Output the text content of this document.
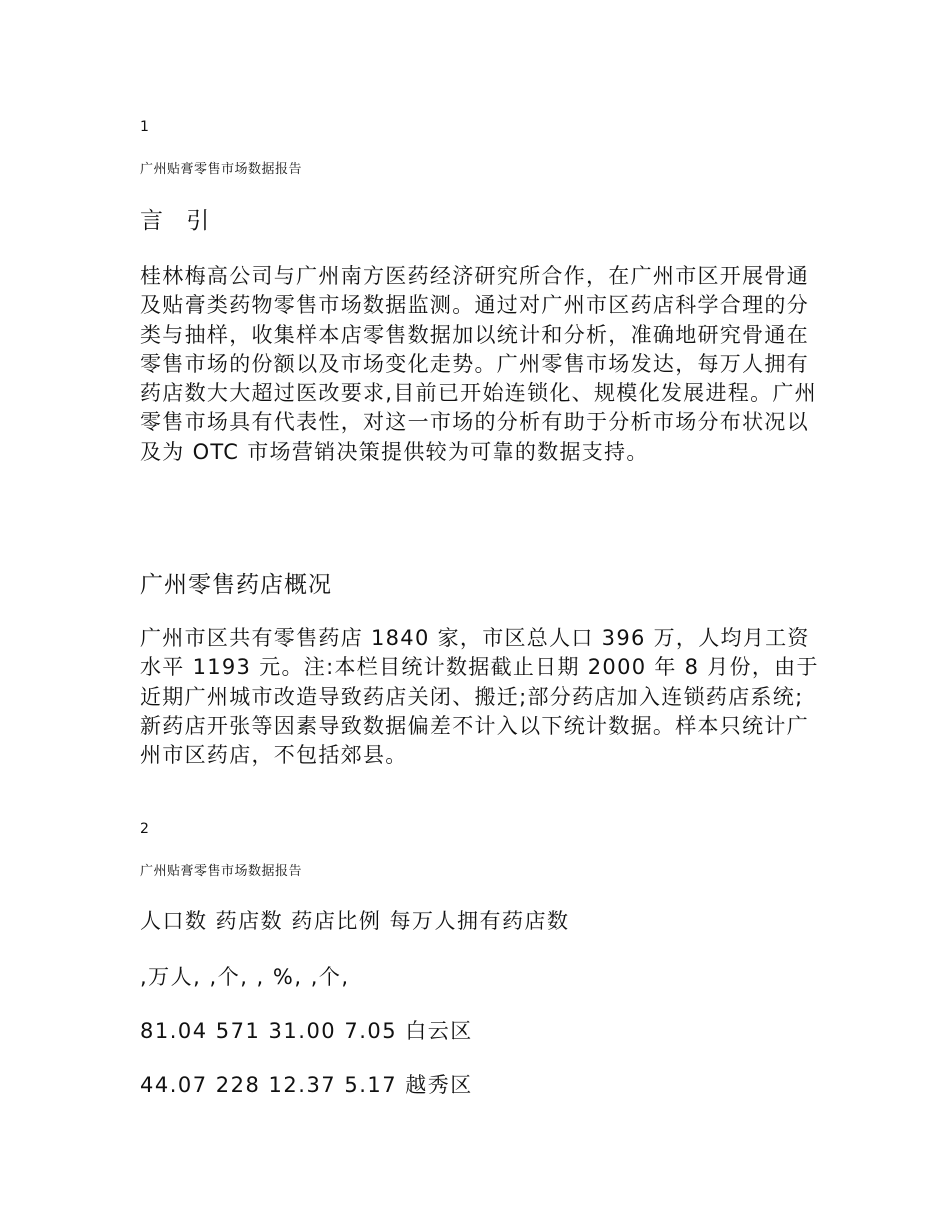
1
广州贴膏零售市场数据报告
言 引

桂林梅高公司与广州南方医药经济研究所合作，在广州市区开展骨通及贴膏类药物零售市场数据监测。通过对广州市区药店科学合理的分类与抽样，收集样本店零售数据加以统计和分析，准确地研究骨通在零售市场的份额以及市场变化走势。广州零售市场发达，每万人拥有药店数大大超过医改要求,目前已开始连锁化、规模化发展进程。广州零售市场具有代表性，对这一市场的分析有助于分析市场分布状况以及为 OTC 市场营销决策提供较为可靠的数据支持。

广州零售药店概况

广州市区共有零售药店 1840 家，市区总人口 396 万，人均月工资水平 1193 元。注:本栏目统计数据截止日期 2000 年 8 月份，由于近期广州城市改造导致药店关闭、搬迁;部分药店加入连锁药店系统;新药店开张等因素导致数据偏差不计入以下统计数据。样本只统计广州市区药店，不包括郊县。

2
广州贴膏零售市场数据报告
人口数 药店数 药店比例 每万人拥有药店数
,万人, ,个, , %, ,个,
81.04 571 31.00 7.05 白云区
44.07 228 12.37 5.17 越秀区
